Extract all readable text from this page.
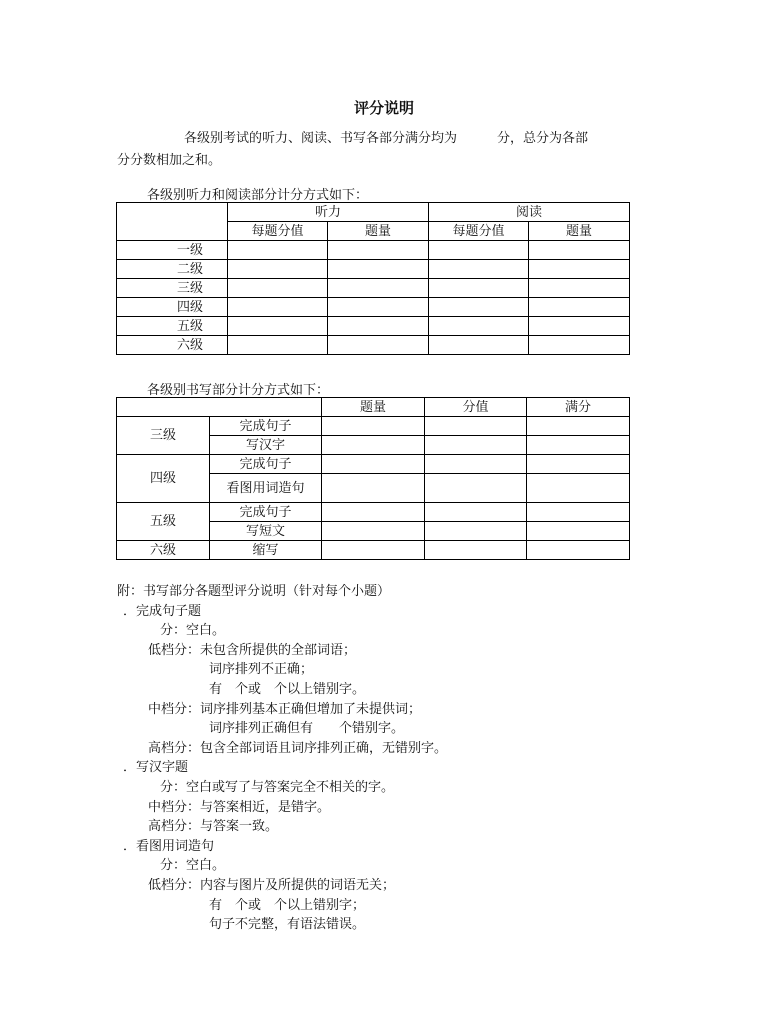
评分说明
各级别考试的听力、阅读、书写各部分满分均为	分，总分为各部
分分数相加之和。
各级别听力和阅读部分计分方式如下：
	听力		阅读	
	每题分值	题量	每题分值	题量
一级				
二级				
三级				
四级				
五级				
六级				
各级别书写部分计分方式如下：
		题量	分值	满分
三级	完成句子			
	写汉字			
四级	完成句子			
	看图用词造句			
五级	完成句子			
	写短文			
六级	缩写			
附：书写部分各题型评分说明（针对每个小题）
．完成句子题
分：空白。
低档分：未包含所提供的全部词语；
词序排列不正确；
有　个或　个以上错别字。
中档分：词序排列基本正确但增加了未提供词；
词序排列正确但有　　个错别字。
高档分：包含全部词语且词序排列正确，无错别字。
．写汉字题
分：空白或写了与答案完全不相关的字。
中档分：与答案相近，是错字。
高档分：与答案一致。
．看图用词造句
分：空白。
低档分：内容与图片及所提供的词语无关；
有　个或　个以上错别字；
句子不完整，有语法错误。
